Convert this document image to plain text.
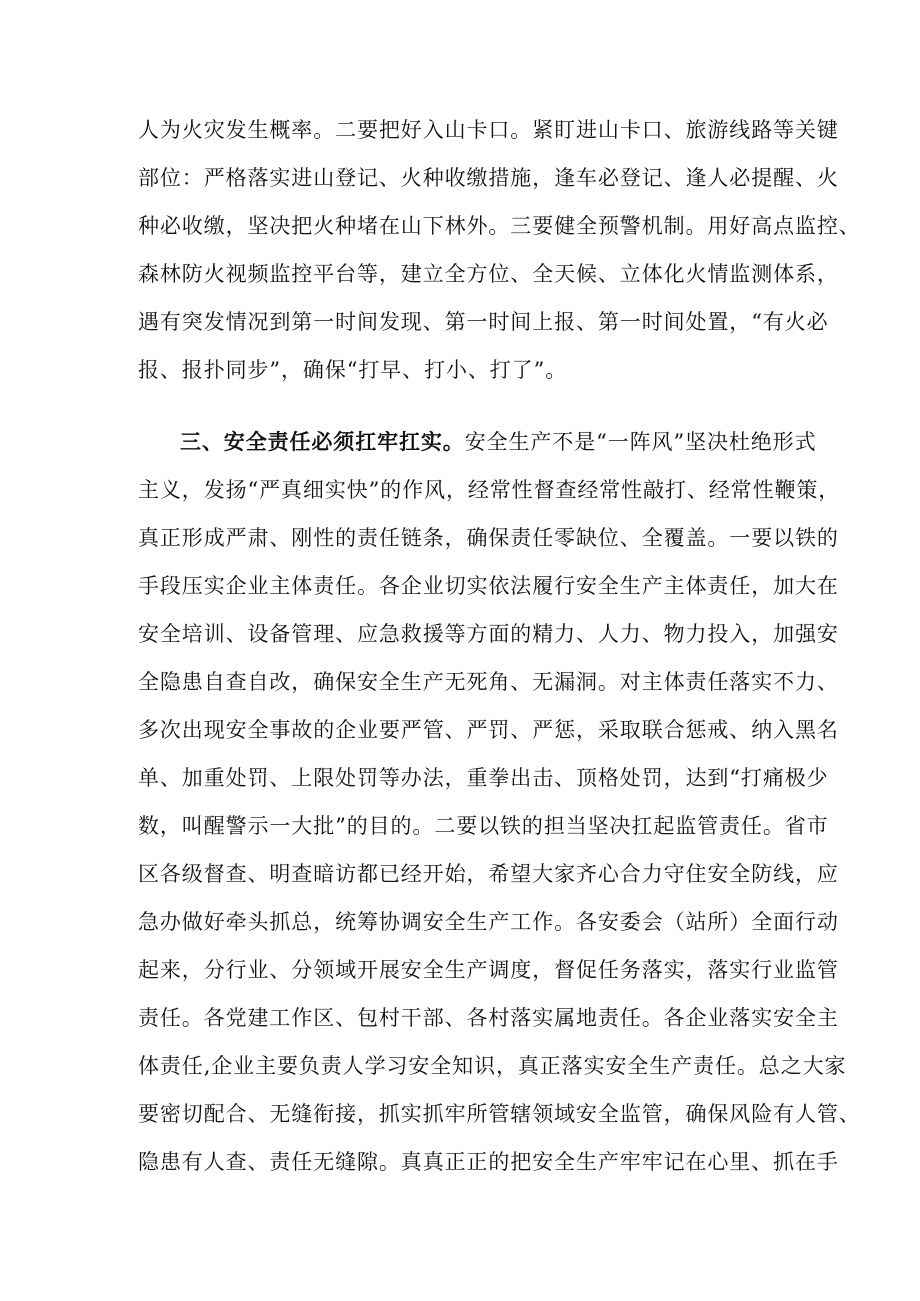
人为火灾发生概率。二要把好入山卡口。紧盯进山卡口、旅游线路等关键
部位：严格落实进山登记、火种收缴措施，逢车必登记、逢人必提醒、火
种必收缴，坚决把火种堵在山下林外。三要健全预警机制。用好高点监控、
森林防火视频监控平台等，建立全方位、全天候、立体化火情监测体系，
遇有突发情况到第一时间发现、第一时间上报、第一时间处置，“有火必
报、报扑同步”，确保“打早、打小、打了”。
三、安全责任必须扛牢扛实。安全生产不是“一阵风”坚决杜绝形式
主义，发扬“严真细实快”的作风，经常性督查经常性敲打、经常性鞭策，
真正形成严肃、刚性的责任链条，确保责任零缺位、全覆盖。一要以铁的
手段压实企业主体责任。各企业切实依法履行安全生产主体责任，加大在
安全培训、设备管理、应急救援等方面的精力、人力、物力投入，加强安
全隐患自查自改，确保安全生产无死角、无漏洞。对主体责任落实不力、
多次出现安全事故的企业要严管、严罚、严惩，采取联合惩戒、纳入黑名
单、加重处罚、上限处罚等办法，重拳出击、顶格处罚，达到“打痛极少
数，叫醒警示一大批”的目的。二要以铁的担当坚决扛起监管责任。省市
区各级督查、明查暗访都已经开始，希望大家齐心合力守住安全防线，应
急办做好牵头抓总，统筹协调安全生产工作。各安委会（站所）全面行动
起来，分行业、分领域开展安全生产调度，督促任务落实，落实行业监管
责任。各党建工作区、包村干部、各村落实属地责任。各企业落实安全主
体责任,企业主要负责人学习安全知识，真正落实安全生产责任。总之大家
要密切配合、无缝衔接，抓实抓牢所管辖领域安全监管，确保风险有人管、
隐患有人查、责任无缝隙。真真正正的把安全生产牢牢记在心里、抓在手
